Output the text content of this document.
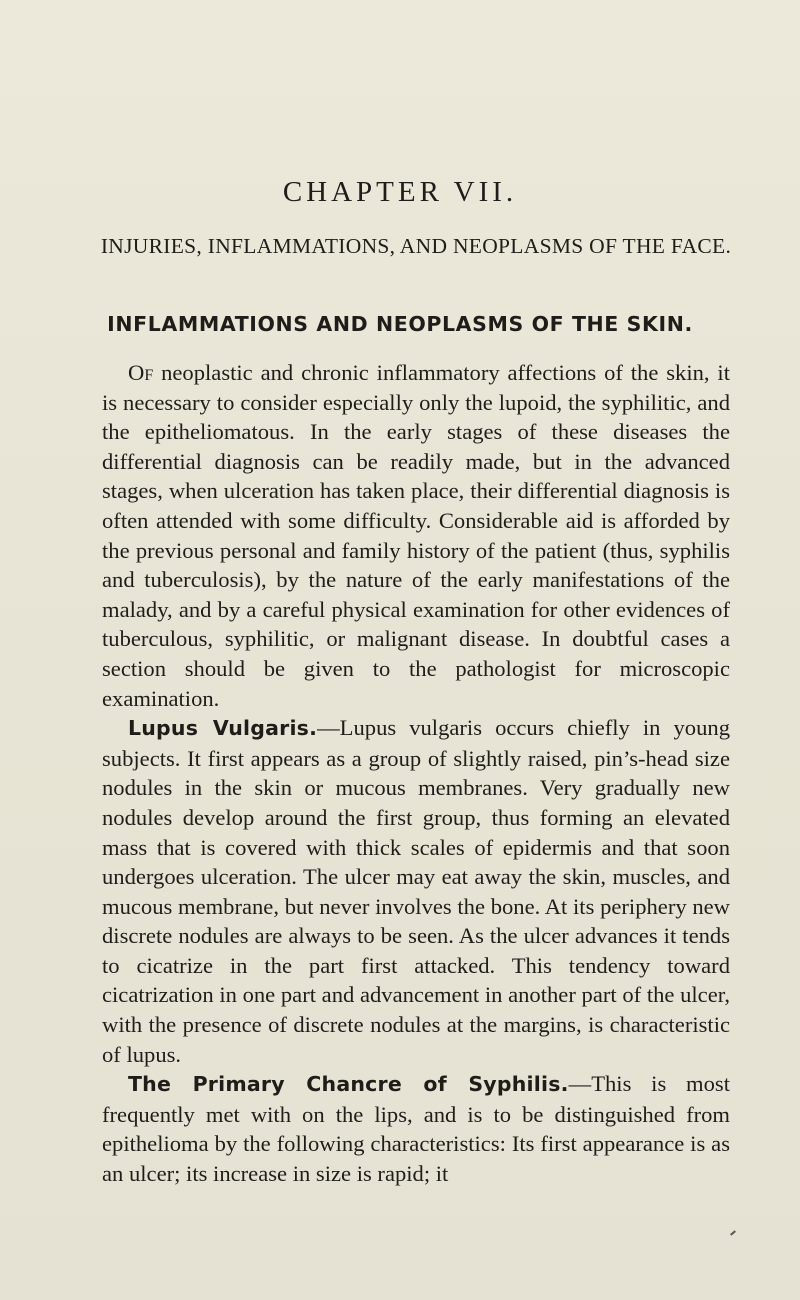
CHAPTER VII.
INJURIES, INFLAMMATIONS, AND NEOPLASMS OF THE FACE.
INFLAMMATIONS AND NEOPLASMS OF THE SKIN.

Of neoplastic and chronic inflammatory affections of the skin, it is necessary to consider especially only the lupoid, the syphilitic, and the epitheliomatous. In the early stages of these diseases the differential diagnosis can be readily made, but in the advanced stages, when ulceration has taken place, their differential diagnosis is often attended with some difficulty. Considerable aid is afforded by the previous personal and family history of the patient (thus, syphilis and tuberculosis), by the nature of the early manifestations of the malady, and by a careful physical examination for other evidences of tuberculous, syphilitic, or malignant disease. In doubtful cases a section should be given to the pathologist for microscopic examination.

Lupus Vulgaris.—Lupus vulgaris occurs chiefly in young subjects. It first appears as a group of slightly raised, pin’s-head size nodules in the skin or mucous membranes. Very gradually new nodules develop around the first group, thus forming an elevated mass that is covered with thick scales of epidermis and that soon undergoes ulceration. The ulcer may eat away the skin, muscles, and mucous membrane, but never involves the bone. At its periphery new discrete nodules are always to be seen. As the ulcer advances it tends to cicatrize in the part first attacked. This tendency toward cicatrization in one part and advancement in another part of the ulcer, with the presence of discrete nodules at the margins, is characteristic of lupus.

The Primary Chancre of Syphilis.—This is most frequently met with on the lips, and is to be distinguished from epithelioma by the following characteristics: Its first appearance is as an ulcer; its increase in size is rapid; it
